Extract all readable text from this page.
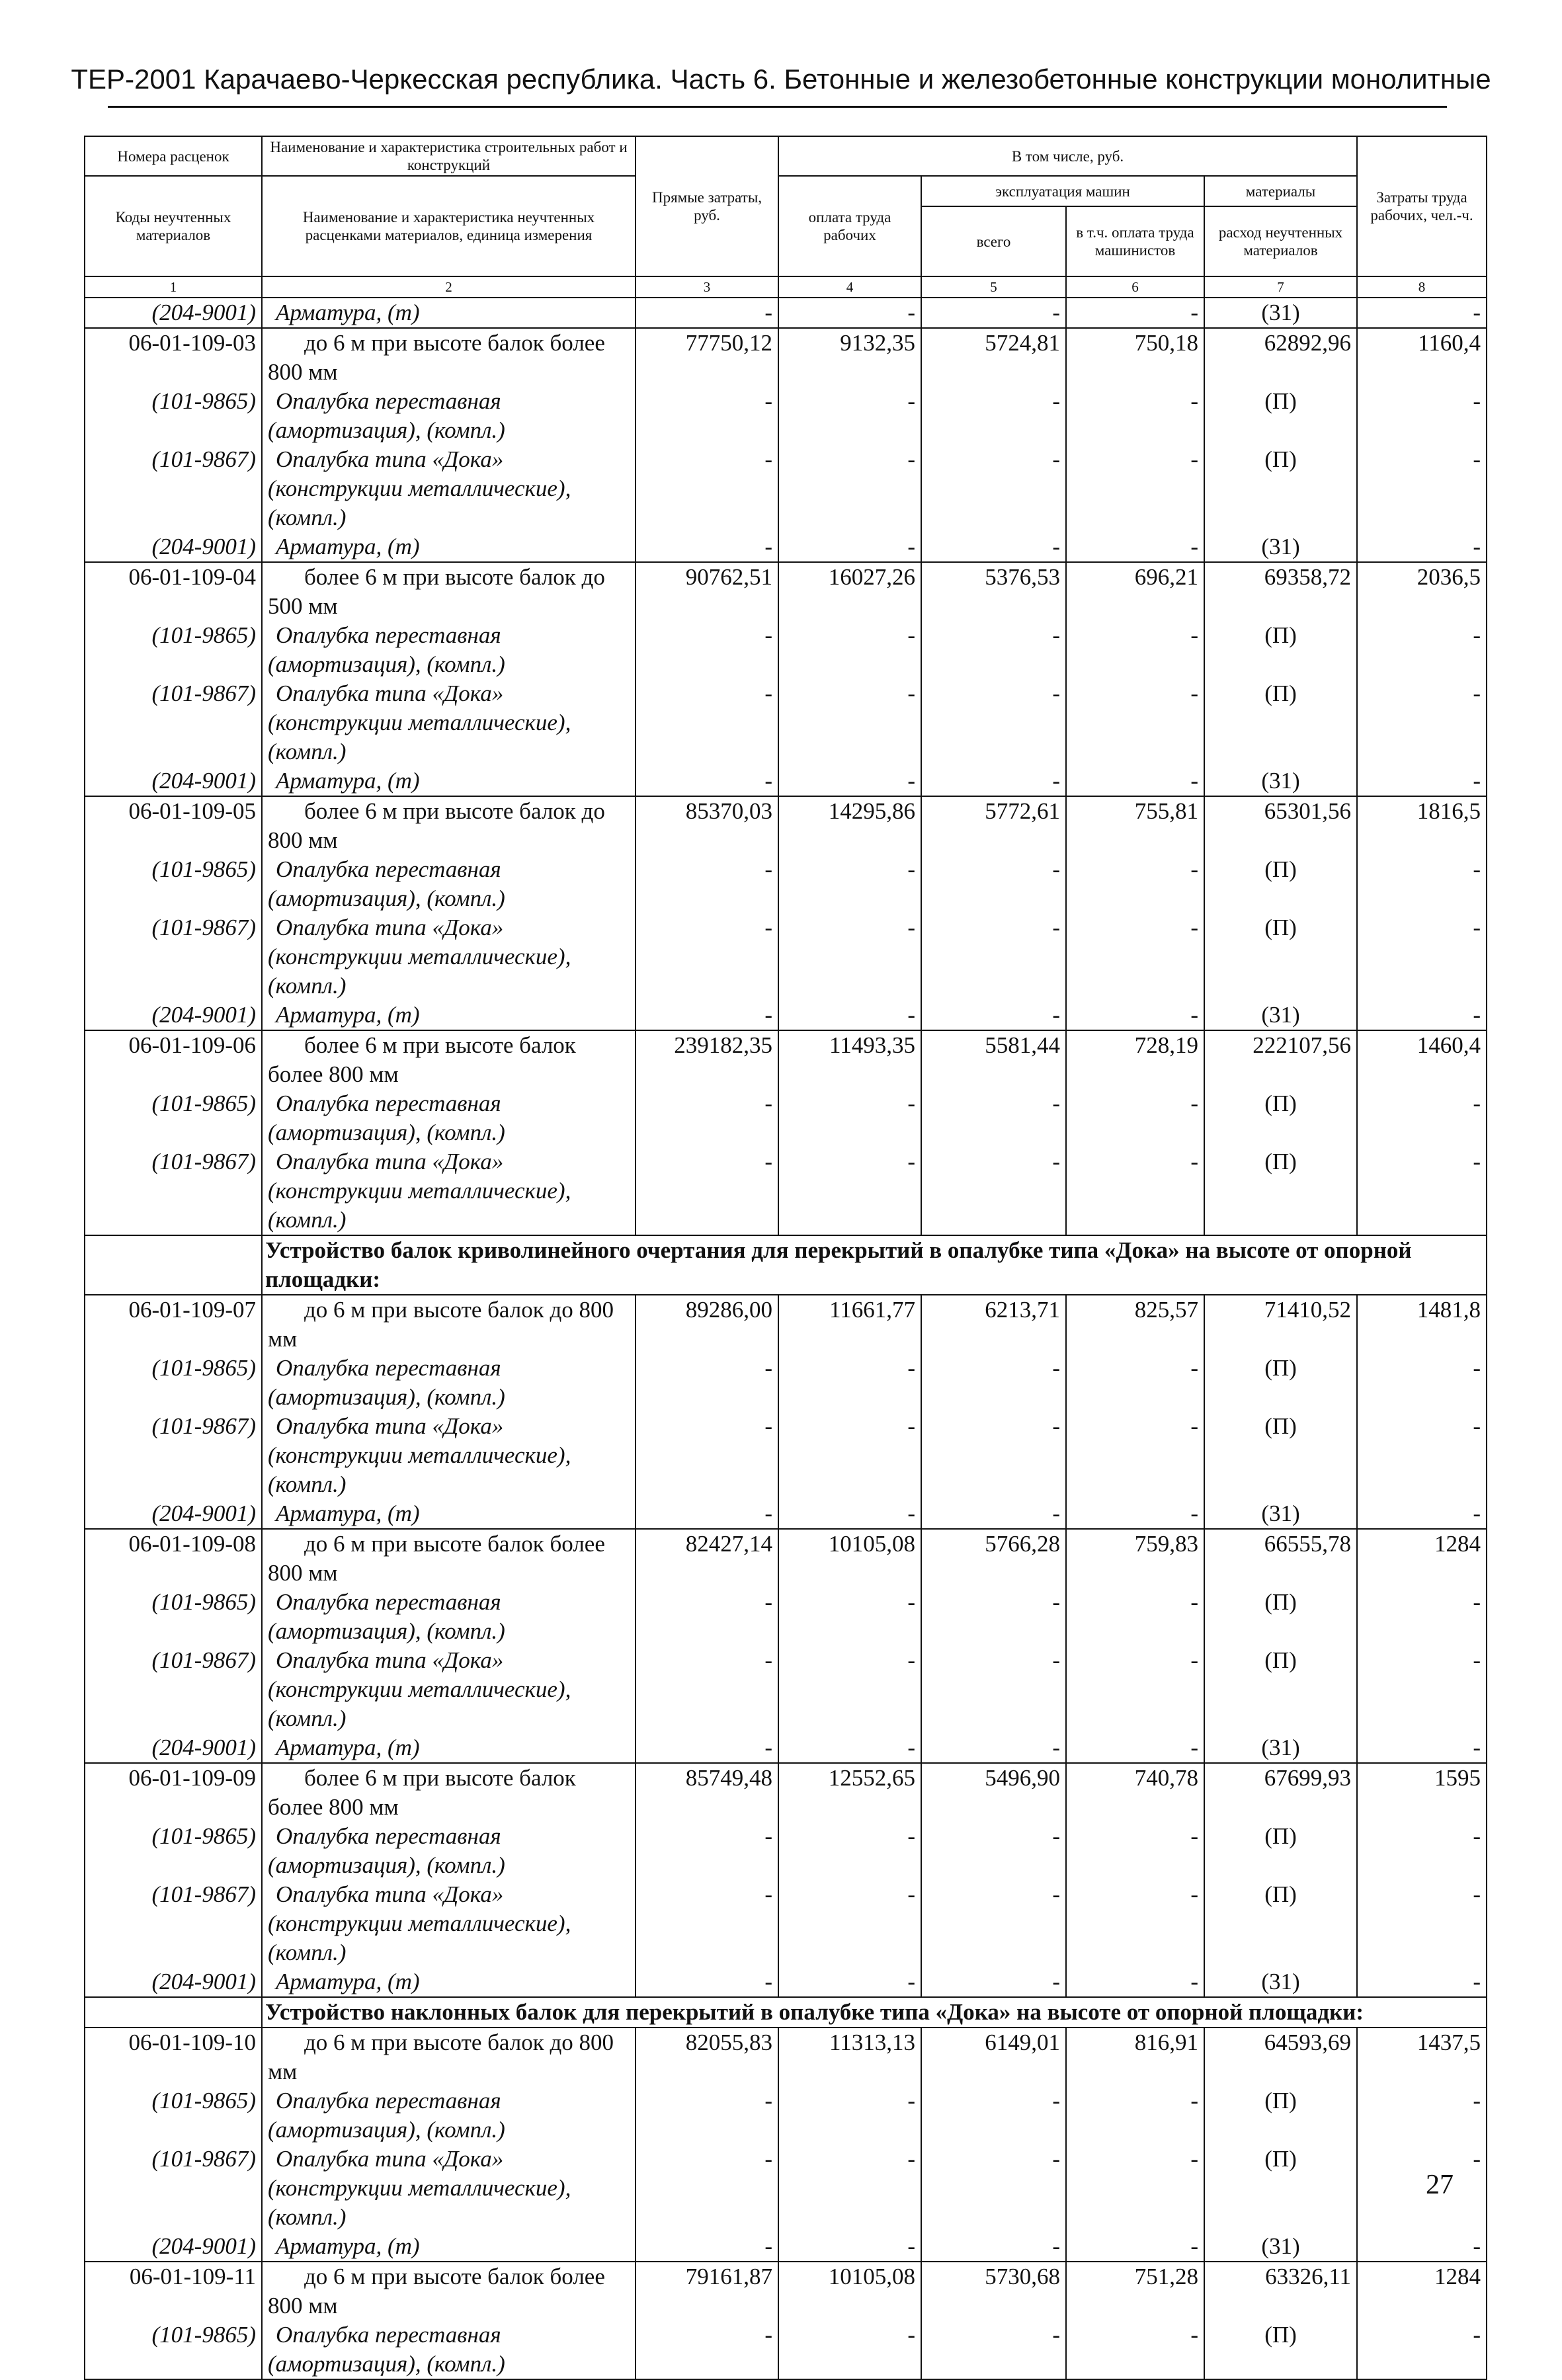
ТЕР-2001 Карачаево-Черкесская республика. Часть 6. Бетонные и железобетонные конструкции монолитные
Номера расценок	Наименование и характеристика строительных работ и конструкций	Прямые затраты, руб.	В том числе, руб.				Затраты труда рабочих, чел.-ч.
Коды неучтенных материалов	Наименование и характеристика неучтенных расценками материалов, единица измерения		оплата труда рабочих	эксплуатация машин		материалы	
				всего	в т.ч. оплата труда машинистов	расход неучтенных материалов	
1	2	3	4	5	6	7	8
(204-9001)	Арматура, (т)	-	-	-	-	(31)	-
06-01-109-03	до 6 м при высоте балок более 800 мм	77750,12	9132,35	5724,81	750,18	62892,96	1160,4
(101-9865)	Опалубка переставная (амортизация), (компл.)	-	-	-	-	(П)	-
(101-9867)	Опалубка типа «Дока» (конструкции металлические), (компл.)	-	-	-	-	(П)	-
(204-9001)	Арматура, (т)	-	-	-	-	(31)	-
06-01-109-04	более 6 м при высоте балок до 500 мм	90762,51	16027,26	5376,53	696,21	69358,72	2036,5
(101-9865)	Опалубка переставная (амортизация), (компл.)	-	-	-	-	(П)	-
(101-9867)	Опалубка типа «Дока» (конструкции металлические), (компл.)	-	-	-	-	(П)	-
(204-9001)	Арматура, (т)	-	-	-	-	(31)	-
06-01-109-05	более 6 м при высоте балок до 800 мм	85370,03	14295,86	5772,61	755,81	65301,56	1816,5
(101-9865)	Опалубка переставная (амортизация), (компл.)	-	-	-	-	(П)	-
(101-9867)	Опалубка типа «Дока» (конструкции металлические), (компл.)	-	-	-	-	(П)	-
(204-9001)	Арматура, (т)	-	-	-	-	(31)	-
06-01-109-06	более 6 м при высоте балок более 800 мм	239182,35	11493,35	5581,44	728,19	222107,56	1460,4
(101-9865)	Опалубка переставная (амортизация), (компл.)	-	-	-	-	(П)	-
(101-9867)	Опалубка типа «Дока» (конструкции металлические), (компл.)	-	-	-	-	(П)	-
	Устройство балок криволинейного очертания для перекрытий в опалубке типа «Дока» на высоте от опорной площадки:						
06-01-109-07	до 6 м при высоте балок до 800 мм	89286,00	11661,77	6213,71	825,57	71410,52	1481,8
(101-9865)	Опалубка переставная (амортизация), (компл.)	-	-	-	-	(П)	-
(101-9867)	Опалубка типа «Дока» (конструкции металлические), (компл.)	-	-	-	-	(П)	-
(204-9001)	Арматура, (т)	-	-	-	-	(31)	-
06-01-109-08	до 6 м при высоте балок более 800 мм	82427,14	10105,08	5766,28	759,83	66555,78	1284
(101-9865)	Опалубка переставная (амортизация), (компл.)	-	-	-	-	(П)	-
(101-9867)	Опалубка типа «Дока» (конструкции металлические), (компл.)	-	-	-	-	(П)	-
(204-9001)	Арматура, (т)	-	-	-	-	(31)	-
06-01-109-09	более 6 м при высоте балок более 800 мм	85749,48	12552,65	5496,90	740,78	67699,93	1595
(101-9865)	Опалубка переставная (амортизация), (компл.)	-	-	-	-	(П)	-
(101-9867)	Опалубка типа «Дока» (конструкции металлические), (компл.)	-	-	-	-	(П)	-
(204-9001)	Арматура, (т)	-	-	-	-	(31)	-
	Устройство наклонных балок для перекрытий в опалубке типа «Дока» на высоте от опорной площадки:						
06-01-109-10	до 6 м при высоте балок до 800 мм	82055,83	11313,13	6149,01	816,91	64593,69	1437,5
(101-9865)	Опалубка переставная (амортизация), (компл.)	-	-	-	-	(П)	-
(101-9867)	Опалубка типа «Дока» (конструкции металлические), (компл.)	-	-	-	-	(П)	-
(204-9001)	Арматура, (т)	-	-	-	-	(31)	-
06-01-109-11	до 6 м при высоте балок более 800 мм	79161,87	10105,08	5730,68	751,28	63326,11	1284
(101-9865)	Опалубка переставная (амортизация), (компл.)	-	-	-	-	(П)	-
27
